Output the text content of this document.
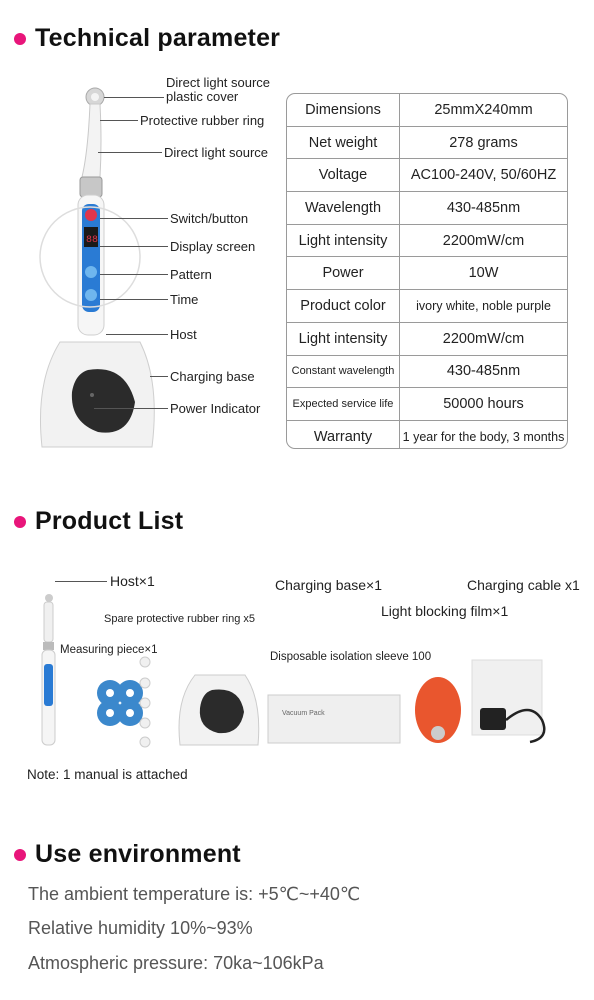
Technical parameter
88
Direct light source
plastic cover
Protective rubber ring
Direct light source
Switch/button
Display screen
Pattern
Time
Host
Charging base
Power Indicator
Dimensions	25mmX240mm
Net weight	278 grams
Voltage	AC100-240V, 50/60HZ
Wavelength	430-485nm
Light intensity	2200mW/cm
Power	10W
Product color	ivory white, noble purple
Light intensity	2200mW/cm
Constant wavelength	430-485nm
Expected service life	50000 hours
Warranty	1 year for the body, 3 months
Product List
Host×1	Charging base×1	Charging cable x1
Spare protective rubber ring x5	Light blocking film×1
Measuring piece×1
Disposable isolation sleeve 100
Vacuum Pack
Note: 1 manual is attached
Use environment
The ambient temperature is: +5℃~+40℃
Relative humidity 10%~93%
Atmospheric pressure: 70ka~106kPa
